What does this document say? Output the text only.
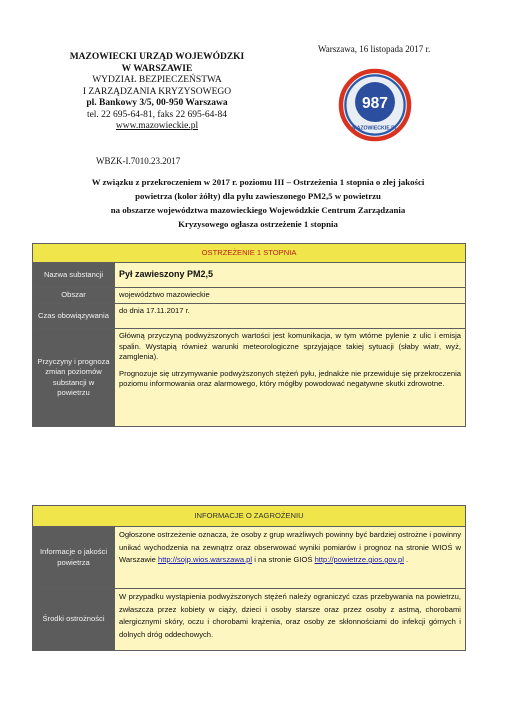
MAZOWIECKI URZĄD WOJEWÓDZKI
W WARSZAWIE
WYDZIAŁ BEZPIECZEŃSTWA
I ZARZĄDZANIA KRYZYSOWEGO
pl. Bankowy 3/5, 00-950 Warszawa
tel. 22 695-64-81, faks 22 695-64-84
www.mazowieckie.pl
Warszawa, 16 listopada 2017 r.
987
MAZOWIECKIE.PL
WBZK-I.7010.23.2017
W związku z przekroczeniem w 2017 r. poziomu III – Ostrzeżenia 1 stopnia o złej jakości
powietrza (kolor żółty) dla pyłu zawieszonego PM2,5 w powietrzu
na obszarze województwa mazowieckiego Wojewódzkie Centrum Zarządzania
Kryzysowego ogłasza ostrzeżenie 1 stopnia
OSTRZEŻENIE 1 STOPNIA	
Nazwa substancji	Pył zawieszony PM2,5
Obszar	województwo mazowieckie
Czas obowiązywania	do dnia 17.11.2017 r.
Przyczyny i prognoza zmian poziomów substancji w powietrzu	Główną przyczyną podwyższonych wartości jest komunikacja, w tym wtórne pylenie z ulic i emisja spalin. Wystąpią również warunki meteorologiczne sprzyjające takiej sytuacji (słaby wiatr, wyż, zamglenia).

Prognozuje się utrzymywanie podwyższonych stężeń pyłu, jednakże nie przewiduje się przekroczenia poziomu informowania oraz alarmowego, który mógłby powodować negatywne skutki zdrowotne.

INFORMACJE O ZAGROŻENIU	
Informacje o jakości powietrza	Ogłoszone ostrzeżenie oznacza, że osoby z grup wrażliwych powinny być bardziej ostrożne i powinny unikać wychodzenia na zewnątrz oraz obserwować wyniki pomiarów i prognoz na stronie WIOŚ w Warszawie http://sojp.wios.warszawa.pl i na stronie GIOŚ http://powietrze.gios.gov.pl .
Środki ostrożności	W przypadku wystąpienia podwyższonych stężeń należy ograniczyć czas przebywania na powietrzu, zwłaszcza przez kobiety w ciąży, dzieci i osoby starsze oraz przez osoby z astmą, chorobami alergicznymi skóry, oczu i chorobami krążenia, oraz osoby ze skłonnościami do infekcji górnych i dolnych dróg oddechowych.
